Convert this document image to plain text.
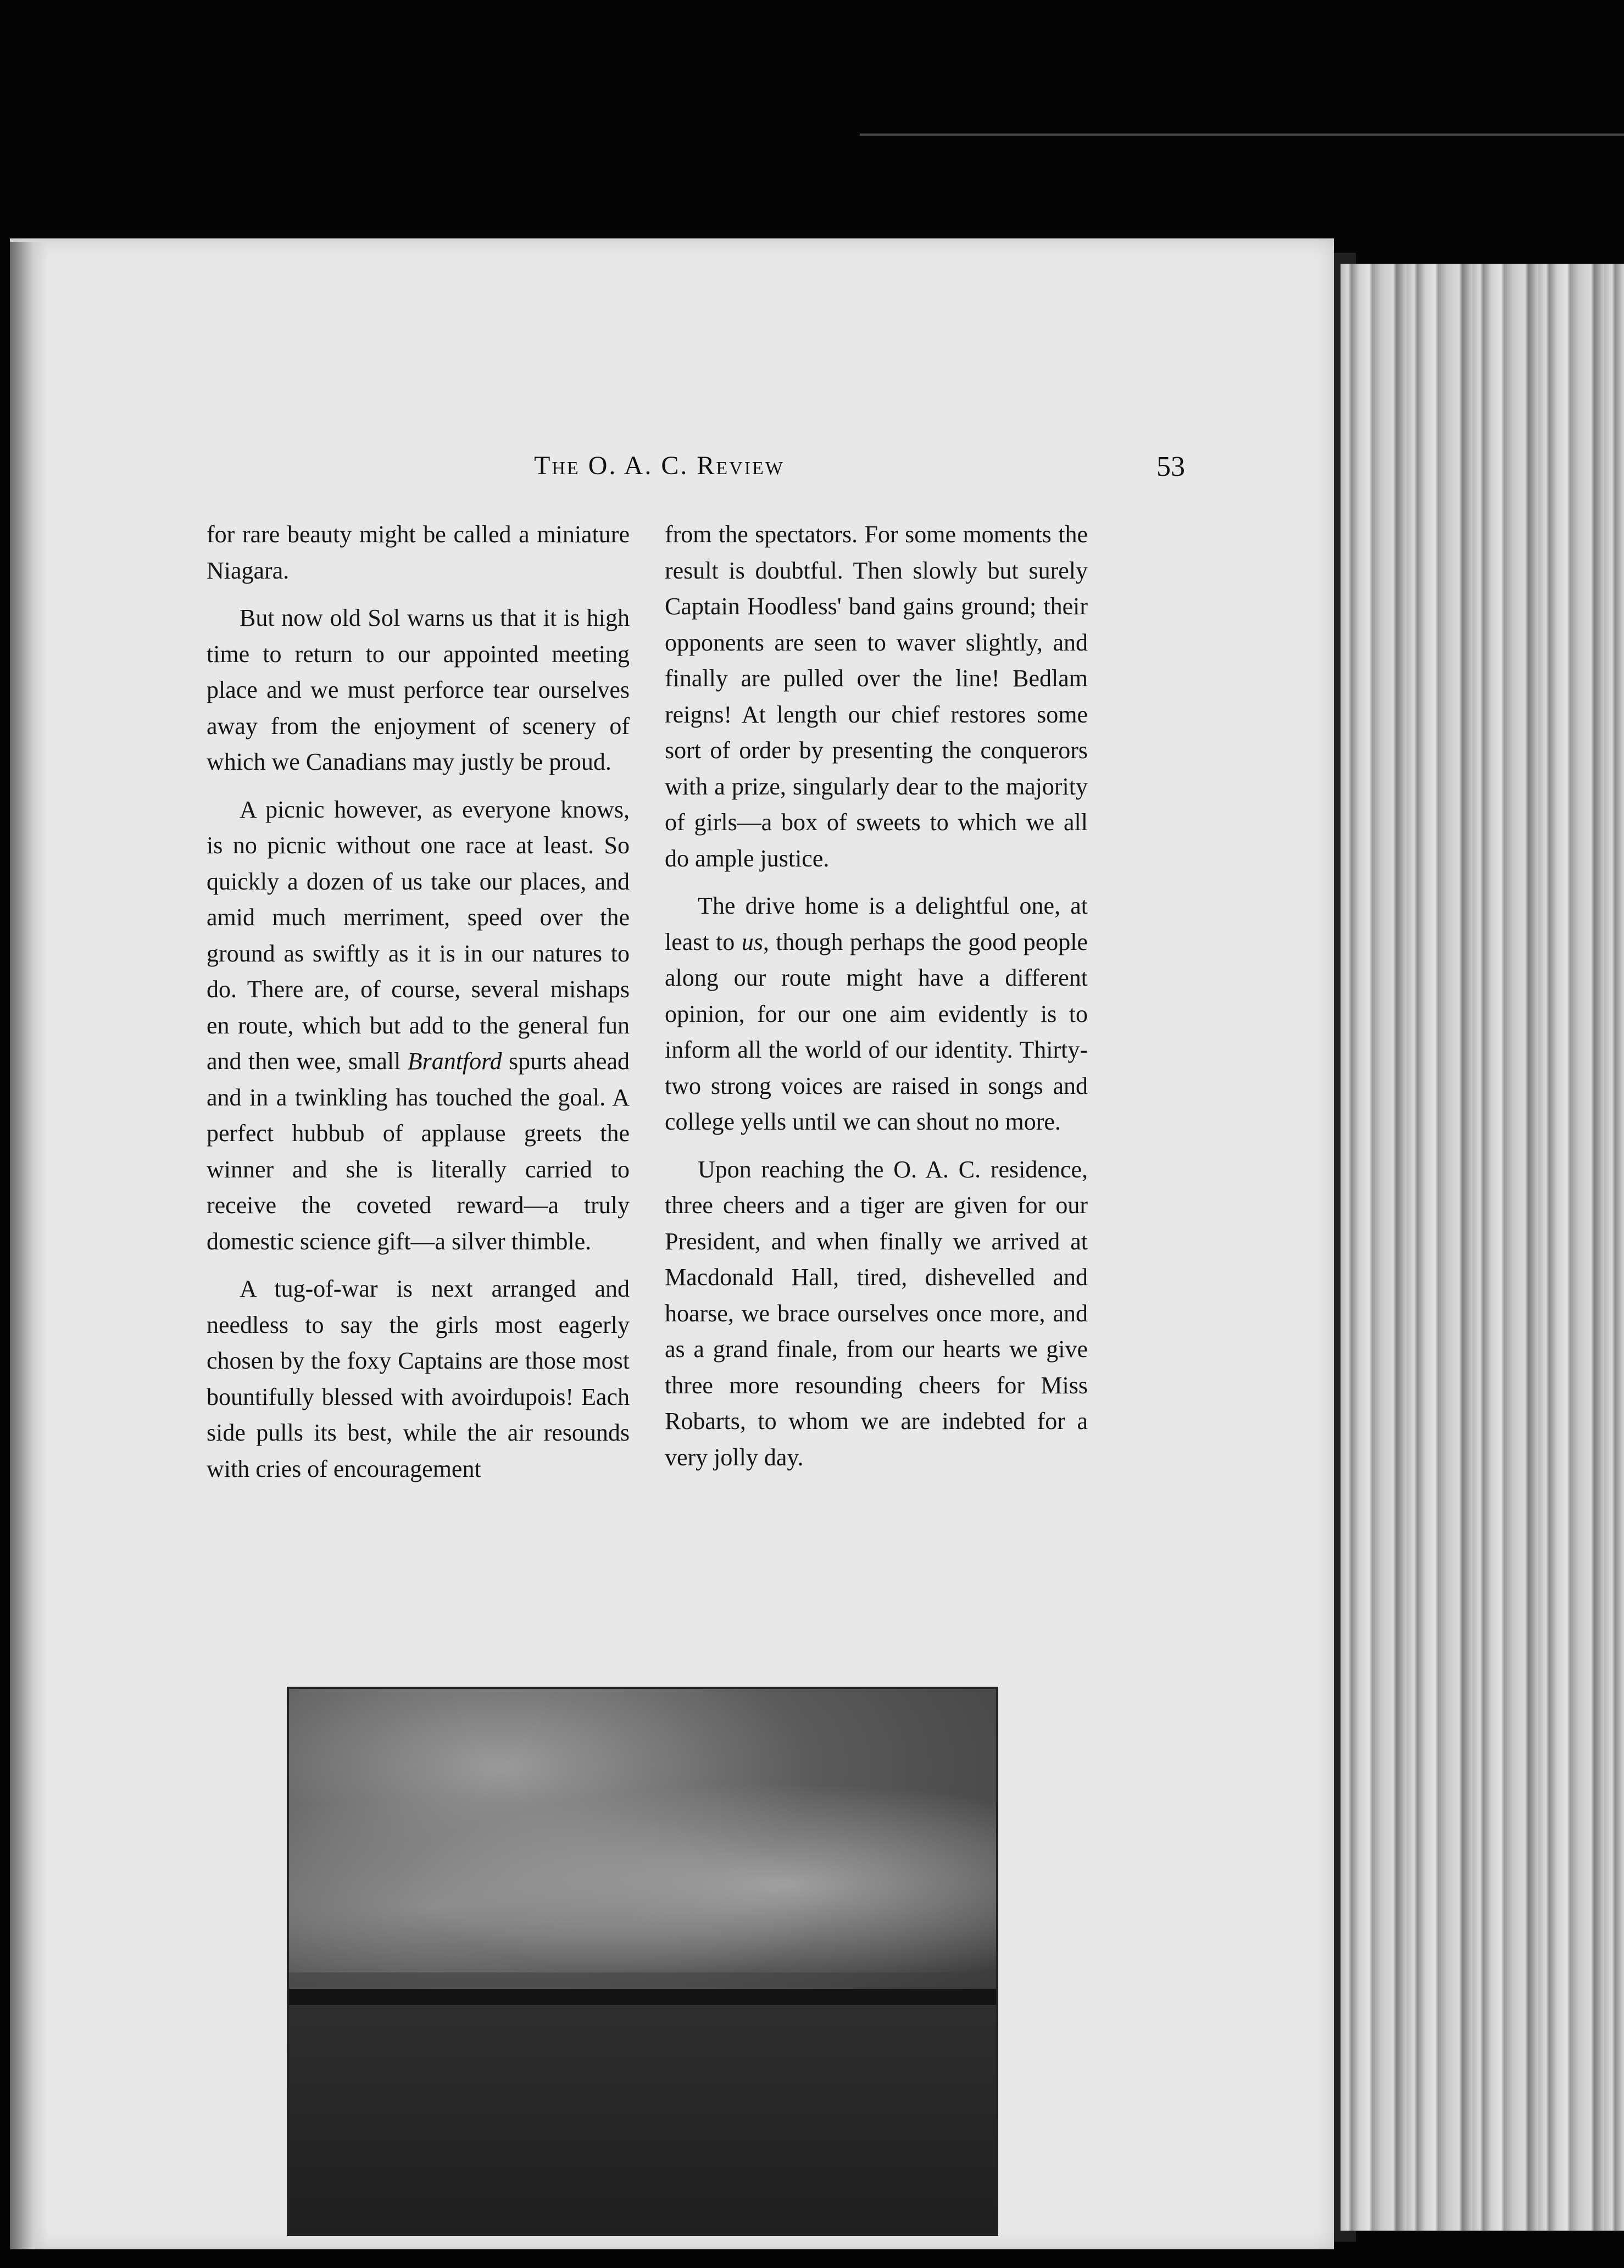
The O. A. C. Review	53

for rare beauty might be called a miniature Niagara.

But now old Sol warns us that it is high time to return to our appointed meeting place and we must perforce tear ourselves away from the enjoyment of scenery of which we Canadians may justly be proud.

A picnic however, as everyone knows, is no picnic without one race at least. So quickly a dozen of us take our places, and amid much merriment, speed over the ground as swiftly as it is in our natures to do. There are, of course, several mishaps en route, which but add to the general fun and then wee, small Brantford spurts ahead and in a twinkling has touched the goal. A perfect hubbub of applause greets the winner and she is literally carried to receive the coveted reward—a truly domestic science gift—a silver thimble.

A tug-of-war is next arranged and needless to say the girls most eagerly chosen by the foxy Captains are those most bountifully blessed with avoirdupois! Each side pulls its best, while the air resounds with cries of encouragement

from the spectators. For some moments the result is doubtful. Then slowly but surely Captain Hoodless' band gains ground; their opponents are seen to waver slightly, and finally are pulled over the line! Bedlam reigns! At length our chief restores some sort of order by presenting the conquerors with a prize, singularly dear to the majority of girls—a box of sweets to which we all do ample justice.

The drive home is a delightful one, at least to us, though perhaps the good people along our route might have a different opinion, for our one aim evidently is to inform all the world of our identity. Thirty-two strong voices are raised in songs and college yells until we can shout no more.

Upon reaching the O. A. C. residence, three cheers and a tiger are given for our President, and when finally we arrived at Macdonald Hall, tired, dishevelled and hoarse, we brace ourselves once more, and as a grand finale, from our hearts we give three more resounding cheers for Miss Robarts, to whom we are indebted for a very jolly day.
